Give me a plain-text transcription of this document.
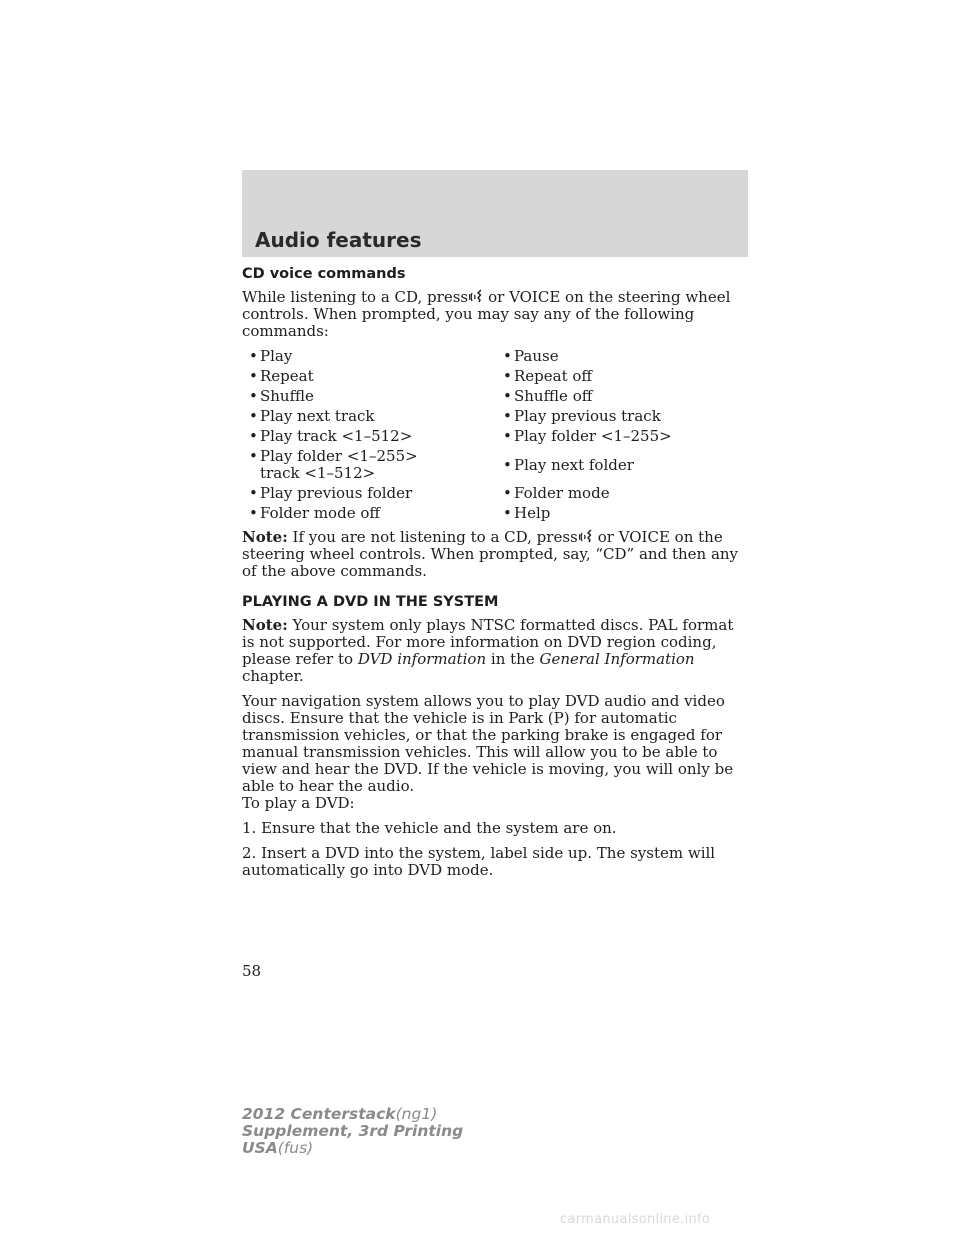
Audio features
CD voice commands

While listening to a CD, press or VOICE on the steering wheel controls. When prompted, you may say any of the following commands:

• Play	• Pause
• Repeat	• Repeat off
• Shuffle	• Shuffle off
• Play next track	• Play previous track
• Play track <1–512>	• Play folder <1–255>
• Play folder <1–255>
track <1–512>	• Play next folder
• Play previous folder	• Folder mode
• Folder mode off	• Help

Note: If you are not listening to a CD, press or VOICE on the steering wheel controls. When prompted, say, “CD” and then any of the above commands.

PLAYING A DVD IN THE SYSTEM

Note: Your system only plays NTSC formatted discs. PAL format is not supported. For more information on DVD region coding, please refer to DVD information in the General Information chapter.

Your navigation system allows you to play DVD audio and video discs. Ensure that the vehicle is in Park (P) for automatic transmission vehicles, or that the parking brake is engaged for manual transmission vehicles. This will allow you to be able to view and hear the DVD. If the vehicle is moving, you will only be able to hear the audio.
To play a DVD:

1. Ensure that the vehicle and the system are on.

2. Insert a DVD into the system, label side up. The system will automatically go into DVD mode.

58
2012 Centerstack(ng1)
Supplement, 3rd Printing
USA(fus)
carmanualsonline.info
